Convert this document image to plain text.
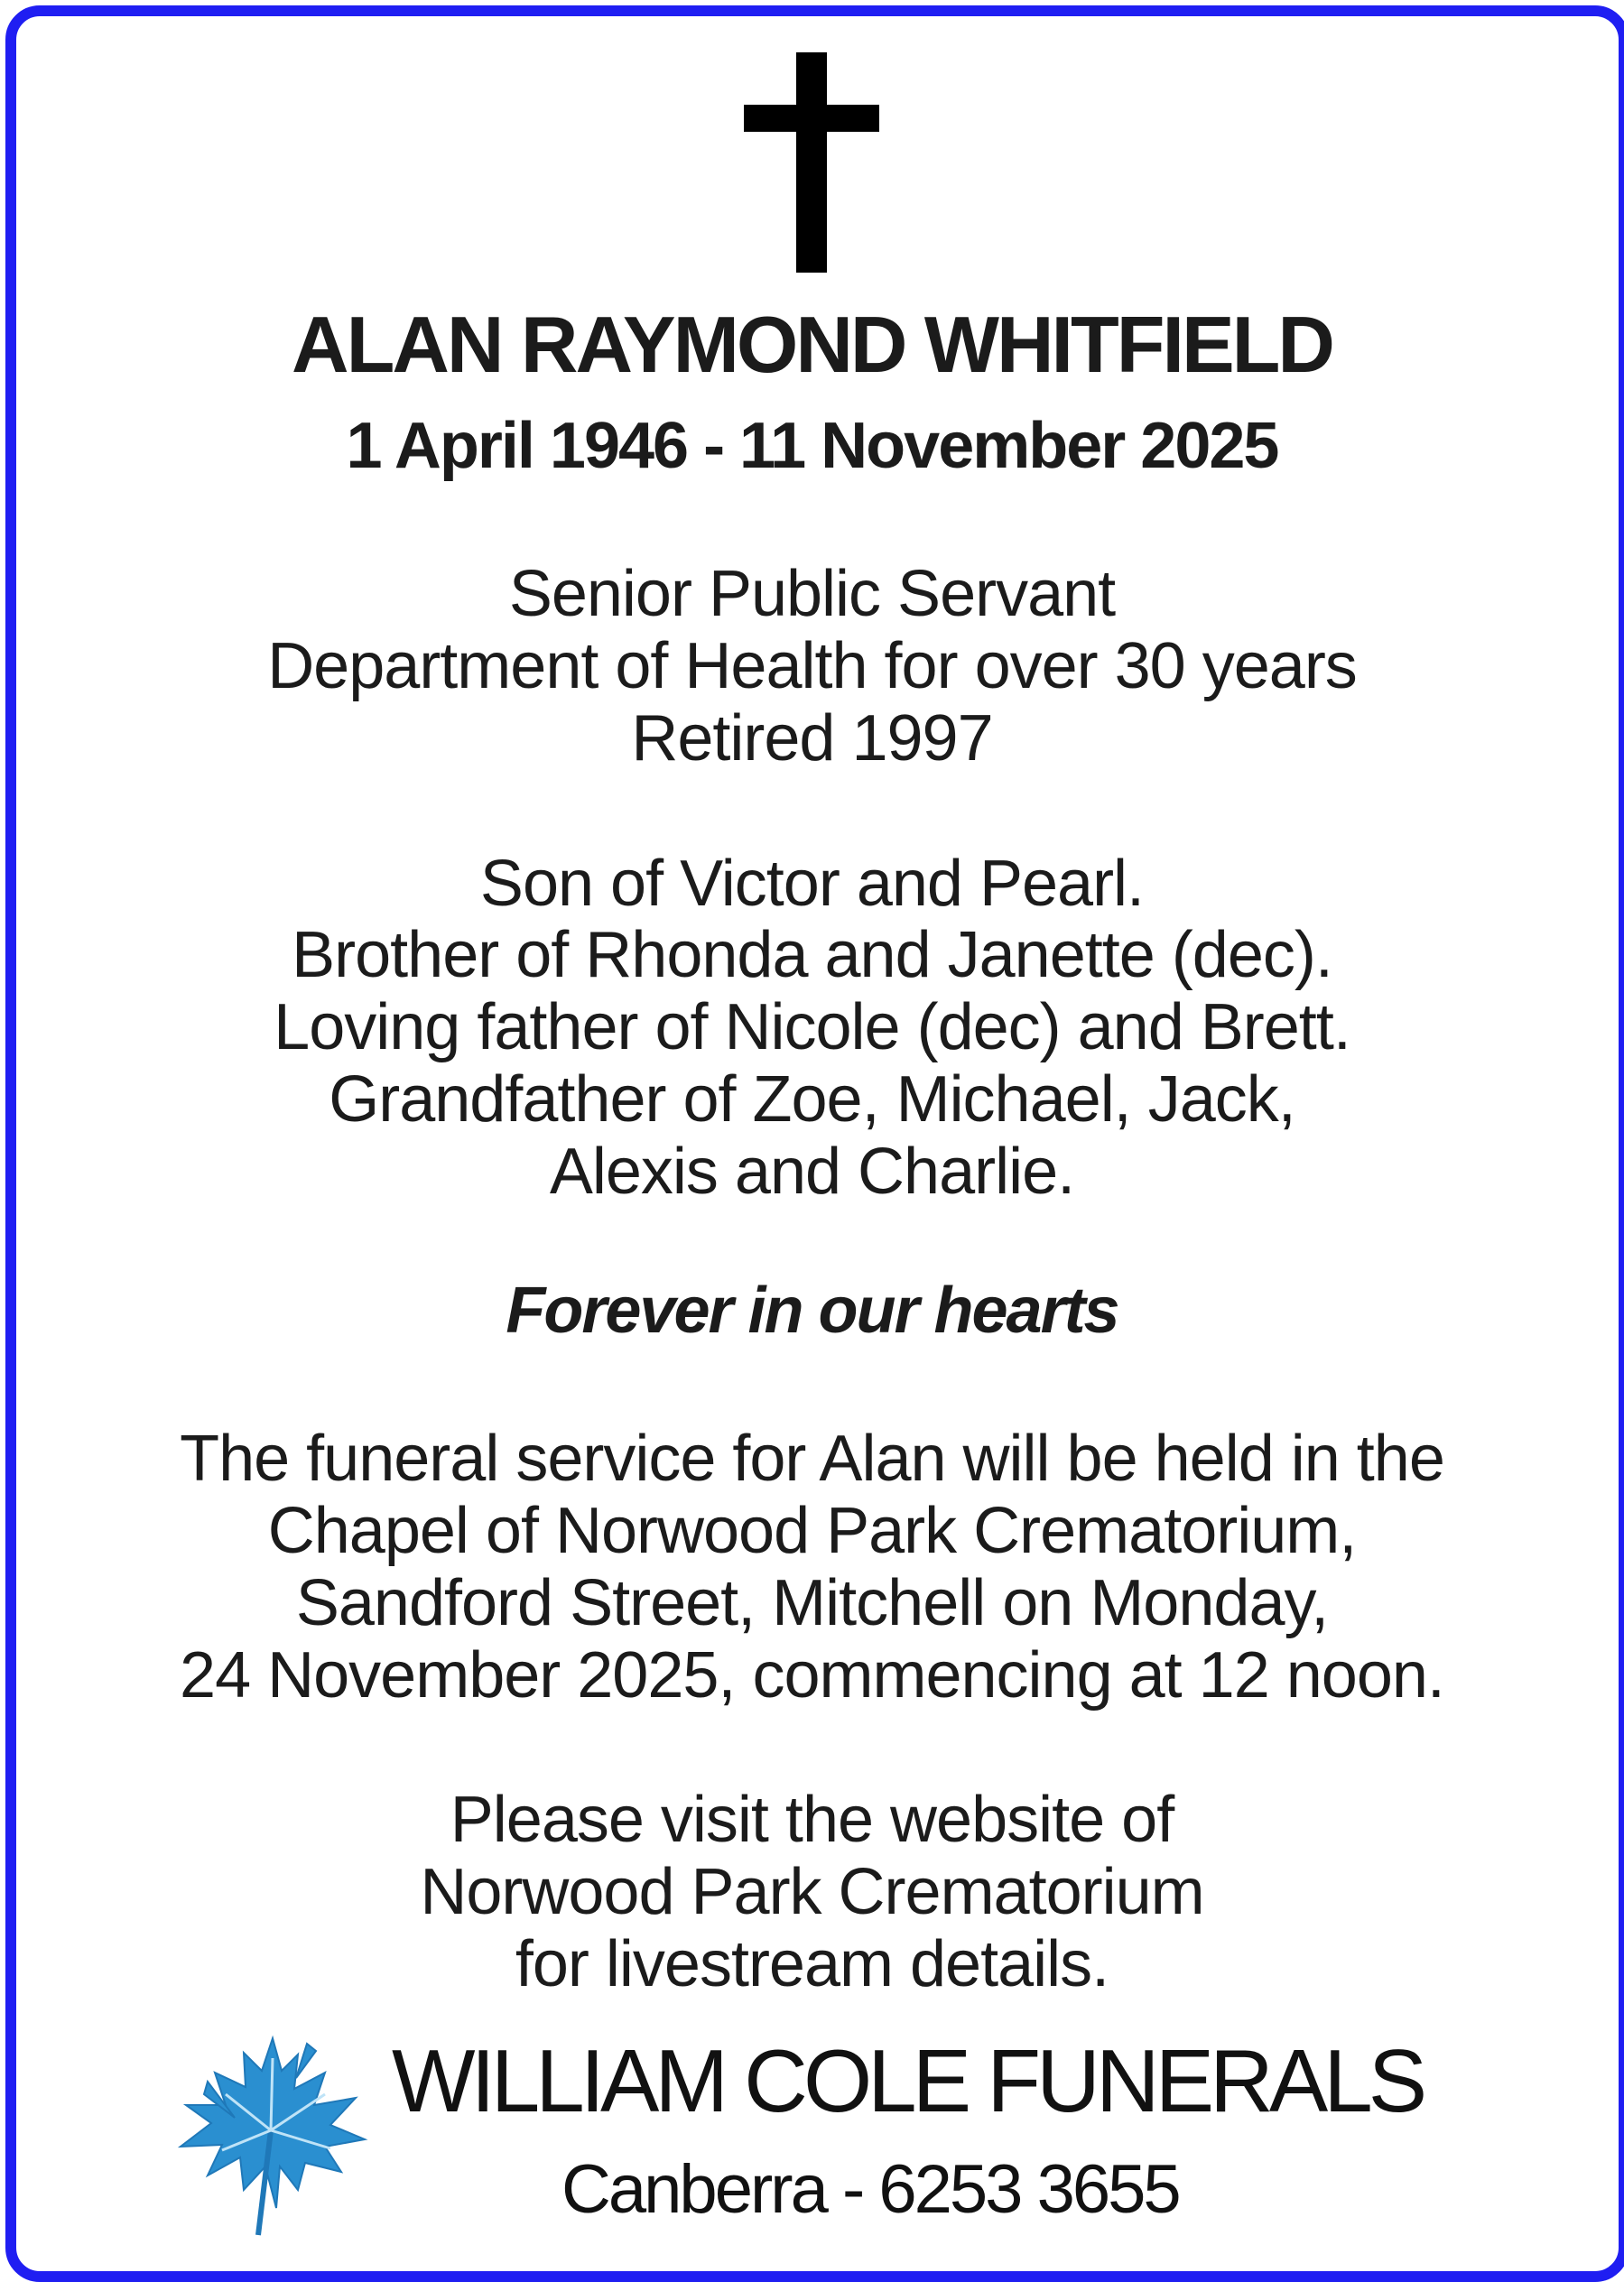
ALAN RAYMOND WHITFIELD
1 April 1946 - 11 November 2025
Senior Public Servant
Department of Health for over 30 years
Retired 1997
Son of Victor and Pearl.
Brother of Rhonda and Janette (dec).
Loving father of Nicole (dec) and Brett.
Grandfather of Zoe, Michael, Jack,
Alexis and Charlie.
Forever in our hearts
The funeral service for Alan will be held in the
Chapel of Norwood Park Crematorium,
Sandford Street, Mitchell on Monday,
24 November 2025, commencing at 12 noon.
Please visit the website of
Norwood Park Crematorium
for livestream details.
WILLIAM COLE FUNERALS
Canberra - 6253 3655
